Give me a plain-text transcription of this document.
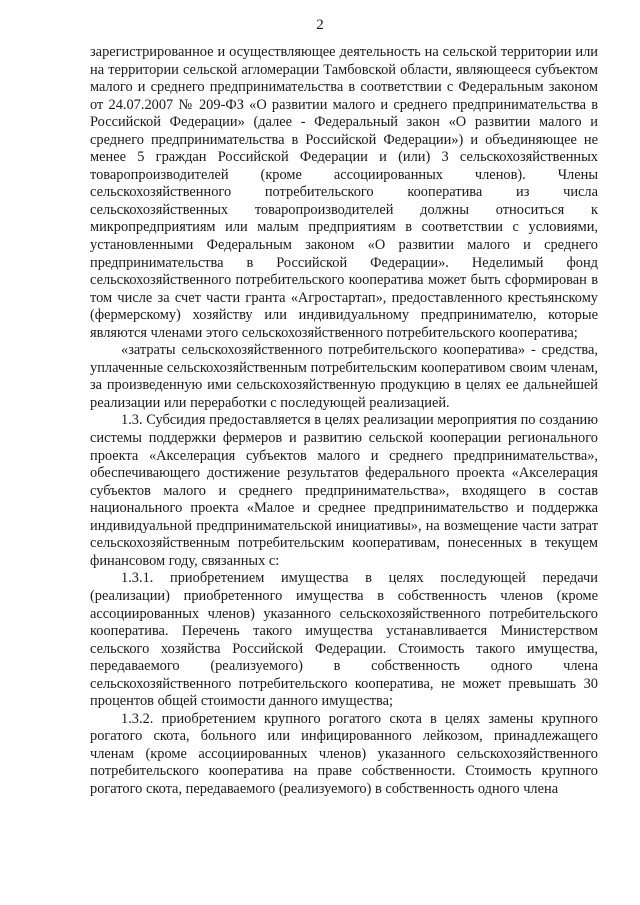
2

зарегистрированное и осуществляющее деятельность на сельской территории или на территории сельской агломерации Тамбовской области, являющееся субъектом малого и среднего предпринимательства в соответствии с Федеральным законом от 24.07.2007 № 209-ФЗ «О развитии малого и среднего предпринимательства в Российской Федерации» (далее - Федеральный закон «О развитии малого и среднего предпринимательства в Российской Федерации») и объединяющее не менее 5 граждан Российской Федерации и (или) 3 сельскохозяйственных товаропроизводителей (кроме ассоциированных членов). Члены сельскохозяйственного потребительского кооператива из числа сельскохозяйственных товаропроизводителей должны относиться к микропредприятиям или малым предприятиям в соответствии с условиями, установленными Федеральным законом «О развитии малого и среднего предпринимательства в Российской Федерации». Неделимый фонд сельскохозяйственного потребительского кооператива может быть сформирован в том числе за счет части гранта «Агростартап», предоставленного крестьянскому (фермерскому) хозяйству или индивидуальному предпринимателю, которые являются членами этого сельскохозяйственного потребительского кооператива;

«затраты сельскохозяйственного потребительского кооператива» - средства, уплаченные сельскохозяйственным потребительским кооперативом своим членам, за произведенную ими сельскохозяйственную продукцию в целях ее дальнейшей реализации или переработки с последующей реализацией.

1.3. Субсидия предоставляется в целях реализации мероприятия по созданию системы поддержки фермеров и развитию сельской кооперации регионального проекта «Акселерация субъектов малого и среднего предпринимательства», обеспечивающего достижение результатов федерального проекта «Акселерация субъектов малого и среднего предпринимательства», входящего в состав национального проекта «Малое и среднее предпринимательство и поддержка индивидуальной предпринимательской инициативы», на возмещение части затрат сельскохозяйственным потребительским кооперативам, понесенных в текущем финансовом году, связанных с:

1.3.1. приобретением имущества в целях последующей передачи (реализации) приобретенного имущества в собственность членов (кроме ассоциированных членов) указанного сельскохозяйственного потребительского кооператива. Перечень такого имущества устанавливается Министерством сельского хозяйства Российской Федерации. Стоимость такого имущества, передаваемого (реализуемого) в собственность одного члена сельскохозяйственного потребительского кооператива, не может превышать 30 процентов общей стоимости данного имущества;

1.3.2. приобретением крупного рогатого скота в целях замены крупного рогатого скота, больного или инфицированного лейкозом, принадлежащего членам (кроме ассоциированных членов) указанного сельскохозяйственного потребительского кооператива на праве собственности. Стоимость крупного рогатого скота, передаваемого (реализуемого) в собственность одного члена
